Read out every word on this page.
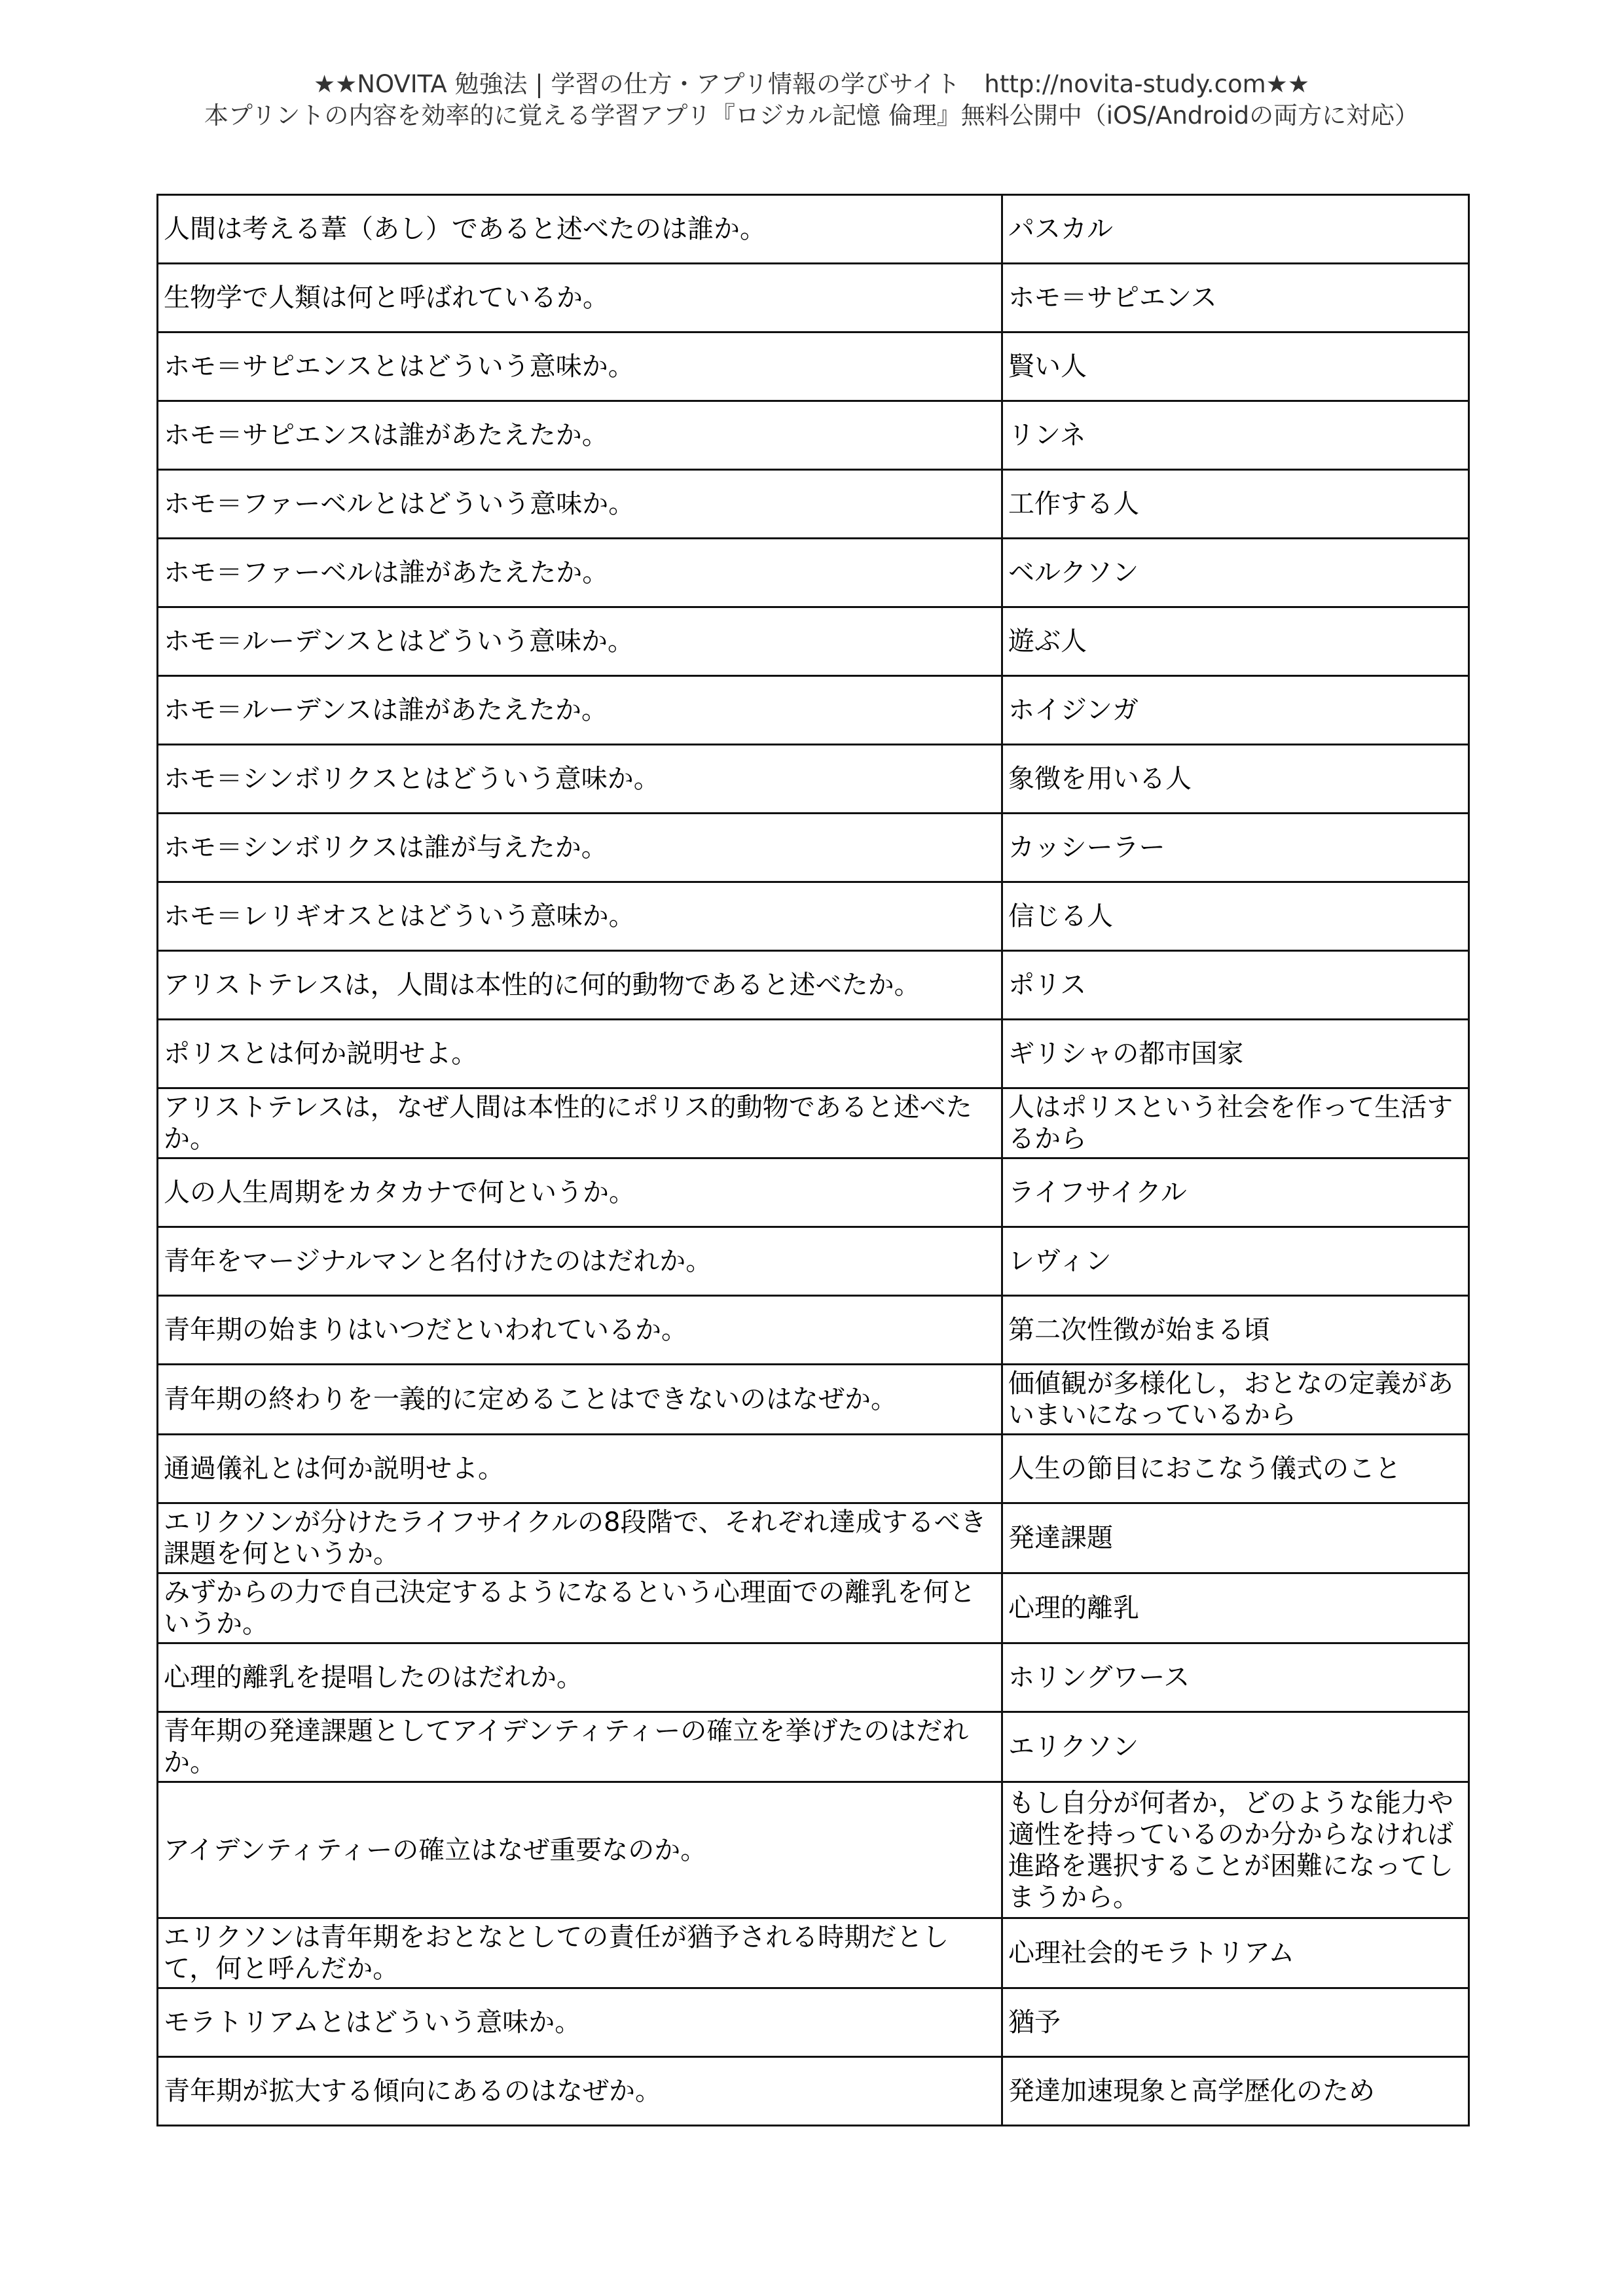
★★NOVITA 勉強法 | 学習の仕方・アプリ情報の学びサイト　http://novita-study.com★★
本プリントの内容を効率的に覚える学習アプリ『ロジカル記憶 倫理』無料公開中（iOS/Androidの両方に対応）
人間は考える葦（あし）であると述べたのは誰か。	パスカル
生物学で人類は何と呼ばれているか。	ホモ＝サピエンス
ホモ＝サピエンスとはどういう意味か。	賢い人
ホモ＝サピエンスは誰があたえたか。	リンネ
ホモ＝ファーベルとはどういう意味か。	工作する人
ホモ＝ファーベルは誰があたえたか。	ベルクソン
ホモ＝ルーデンスとはどういう意味か。	遊ぶ人
ホモ＝ルーデンスは誰があたえたか。	ホイジンガ
ホモ＝シンボリクスとはどういう意味か。	象徴を用いる人
ホモ＝シンボリクスは誰が与えたか。	カッシーラー
ホモ＝レリギオスとはどういう意味か。	信じる人
アリストテレスは，人間は本性的に何的動物であると述べたか。	ポリス
ポリスとは何か説明せよ。	ギリシャの都市国家
アリストテレスは，なぜ人間は本性的にポリス的動物であると述べたか。	人はポリスという社会を作って生活するから
人の人生周期をカタカナで何というか。	ライフサイクル
青年をマージナルマンと名付けたのはだれか。	レヴィン
青年期の始まりはいつだといわれているか。	第二次性徴が始まる頃
青年期の終わりを一義的に定めることはできないのはなぜか。	価値観が多様化し，おとなの定義があいまいになっているから
通過儀礼とは何か説明せよ。	人生の節目におこなう儀式のこと
エリクソンが分けたライフサイクルの8段階で、それぞれ達成するべき課題を何というか。	発達課題
みずからの力で自己決定するようになるという心理面での離乳を何というか。	心理的離乳
心理的離乳を提唱したのはだれか。	ホリングワース
青年期の発達課題としてアイデンティティーの確立を挙げたのはだれか。	エリクソン
アイデンティティーの確立はなぜ重要なのか。	もし自分が何者か，どのような能力や適性を持っているのか分からなければ進路を選択することが困難になってしまうから。
エリクソンは青年期をおとなとしての責任が猶予される時期だとして，何と呼んだか。	心理社会的モラトリアム
モラトリアムとはどういう意味か。	猶予
青年期が拡大する傾向にあるのはなぜか。	発達加速現象と高学歴化のため
